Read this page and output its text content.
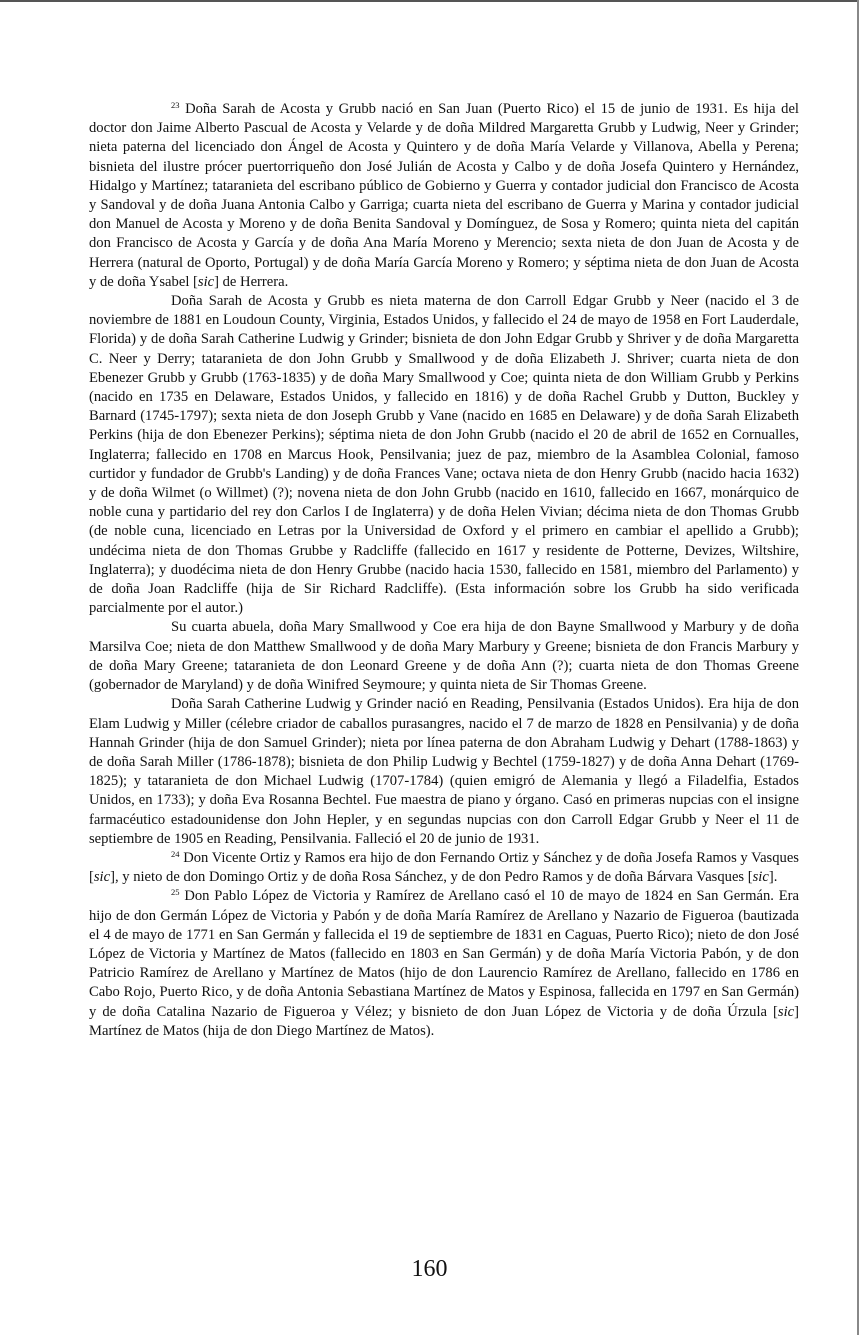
$^{23}$ Doña Sarah de Acosta y Grubb nació en San Juan (Puerto Rico) el 15 de junio de 1931. Es hija del doctor don Jaime Alberto Pascual de Acosta y Velarde y de doña Mildred Margaretta Grubb y Ludwig, Neer y Grinder; nieta paterna del licenciado don Ángel de Acosta y Quintero y de doña María Velarde y Villanova, Abella y Perena; bisnieta del ilustre prócer puertorriqueño don José Julián de Acosta y Calbo y de doña Josefa Quintero y Hernández, Hidalgo y Martínez; tataranieta del escribano público de Gobierno y Guerra y contador judicial don Francisco de Acosta y Sandoval y de doña Juana Antonia Calbo y Garriga; cuarta nieta del escribano de Guerra y Marina y contador judicial don Manuel de Acosta y Moreno y de doña Benita Sandoval y Domínguez, de Sosa y Romero; quinta nieta del capitán don Francisco de Acosta y García y de doña Ana María Moreno y Merencio; sexta nieta de don Juan de Acosta y de Herrera (natural de Oporto, Portugal) y de doña María García Moreno y Romero; y séptima nieta de don Juan de Acosta y de doña Ysabel [sic] de Herrera.

Doña Sarah de Acosta y Grubb es nieta materna de don Carroll Edgar Grubb y Neer (nacido el 3 de noviembre de 1881 en Loudoun County, Virginia, Estados Unidos, y fallecido el 24 de mayo de 1958 en Fort Lauderdale, Florida) y de doña Sarah Catherine Ludwig y Grinder; bisnieta de don John Edgar Grubb y Shriver y de doña Margaretta C. Neer y Derry; tataranieta de don John Grubb y Smallwood y de doña Elizabeth J. Shriver; cuarta nieta de don Ebenezer Grubb y Grubb (1763-1835) y de doña Mary Smallwood y Coe; quinta nieta de don William Grubb y Perkins (nacido en 1735 en Delaware, Estados Unidos, y fallecido en 1816) y de doña Rachel Grubb y Dutton, Buckley y Barnard (1745-1797); sexta nieta de don Joseph Grubb y Vane (nacido en 1685 en Delaware) y de doña Sarah Elizabeth Perkins (hija de don Ebenezer Perkins); séptima nieta de don John Grubb (nacido el 20 de abril de 1652 en Cornualles, Inglaterra; fallecido en 1708 en Marcus Hook, Pensilvania; juez de paz, miembro de la Asamblea Colonial, famoso curtidor y fundador de Grubb's Landing) y de doña Frances Vane; octava nieta de don Henry Grubb (nacido hacia 1632) y de doña Wilmet (o Willmet) (?); novena nieta de don John Grubb (nacido en 1610, fallecido en 1667, monárquico de noble cuna y partidario del rey don Carlos I de Inglaterra) y de doña Helen Vivian; décima nieta de don Thomas Grubb (de noble cuna, licenciado en Letras por la Universidad de Oxford y el primero en cambiar el apellido a Grubb); undécima nieta de don Thomas Grubbe y Radcliffe (fallecido en 1617 y residente de Potterne, Devizes, Wiltshire, Inglaterra); y duodécima nieta de don Henry Grubbe (nacido hacia 1530, fallecido en 1581, miembro del Parlamento) y de doña Joan Radcliffe (hija de Sir Richard Radcliffe). (Esta información sobre los Grubb ha sido verificada parcialmente por el autor.)

Su cuarta abuela, doña Mary Smallwood y Coe era hija de don Bayne Smallwood y Marbury y de doña Marsilva Coe; nieta de don Matthew Smallwood y de doña Mary Marbury y Greene; bisnieta de don Francis Marbury y de doña Mary Greene; tataranieta de don Leonard Greene y de doña Ann (?); cuarta nieta de don Thomas Greene (gobernador de Maryland) y de doña Winifred Seymoure; y quinta nieta de Sir Thomas Greene.

Doña Sarah Catherine Ludwig y Grinder nació en Reading, Pensilvania (Estados Unidos). Era hija de don Elam Ludwig y Miller (célebre criador de caballos purasangres, nacido el 7 de marzo de 1828 en Pensilvania) y de doña Hannah Grinder (hija de don Samuel Grinder); nieta por línea paterna de don Abraham Ludwig y Dehart (1788-1863) y de doña Sarah Miller (1786-1878); bisnieta de don Philip Ludwig y Bechtel (1759-1827) y de doña Anna Dehart (1769-1825); y tataranieta de don Michael Ludwig (1707-1784) (quien emigró de Alemania y llegó a Filadelfia, Estados Unidos, en 1733); y doña Eva Rosanna Bechtel. Fue maestra de piano y órgano. Casó en primeras nupcias con el insigne farmacéutico estadounidense don John Hepler, y en segundas nupcias con don Carroll Edgar Grubb y Neer el 11 de septiembre de 1905 en Reading, Pensilvania. Falleció el 20 de junio de 1931.

$^{24}$ Don Vicente Ortiz y Ramos era hijo de don Fernando Ortiz y Sánchez y de doña Josefa Ramos y Vasques [sic], y nieto de don Domingo Ortiz y de doña Rosa Sánchez, y de don Pedro Ramos y de doña Bárvara Vasques [sic].

$^{25}$ Don Pablo López de Victoria y Ramírez de Arellano casó el 10 de mayo de 1824 en San Germán. Era hijo de don Germán López de Victoria y Pabón y de doña María Ramírez de Arellano y Nazario de Figueroa (bautizada el 4 de mayo de 1771 en San Germán y fallecida el 19 de septiembre de 1831 en Caguas, Puerto Rico); nieto de don José López de Victoria y Martínez de Matos (fallecido en 1803 en San Germán) y de doña María Victoria Pabón, y de don Patricio Ramírez de Arellano y Martínez de Matos (hijo de don Laurencio Ramírez de Arellano, fallecido en 1786 en Cabo Rojo, Puerto Rico, y de doña Antonia Sebastiana Martínez de Matos y Espinosa, fallecida en 1797 en San Germán) y de doña Catalina Nazario de Figueroa y Vélez; y bisnieto de don Juan López de Victoria y de doña Úrzula [sic] Martínez de Matos (hija de don Diego Martínez de Matos).

160
